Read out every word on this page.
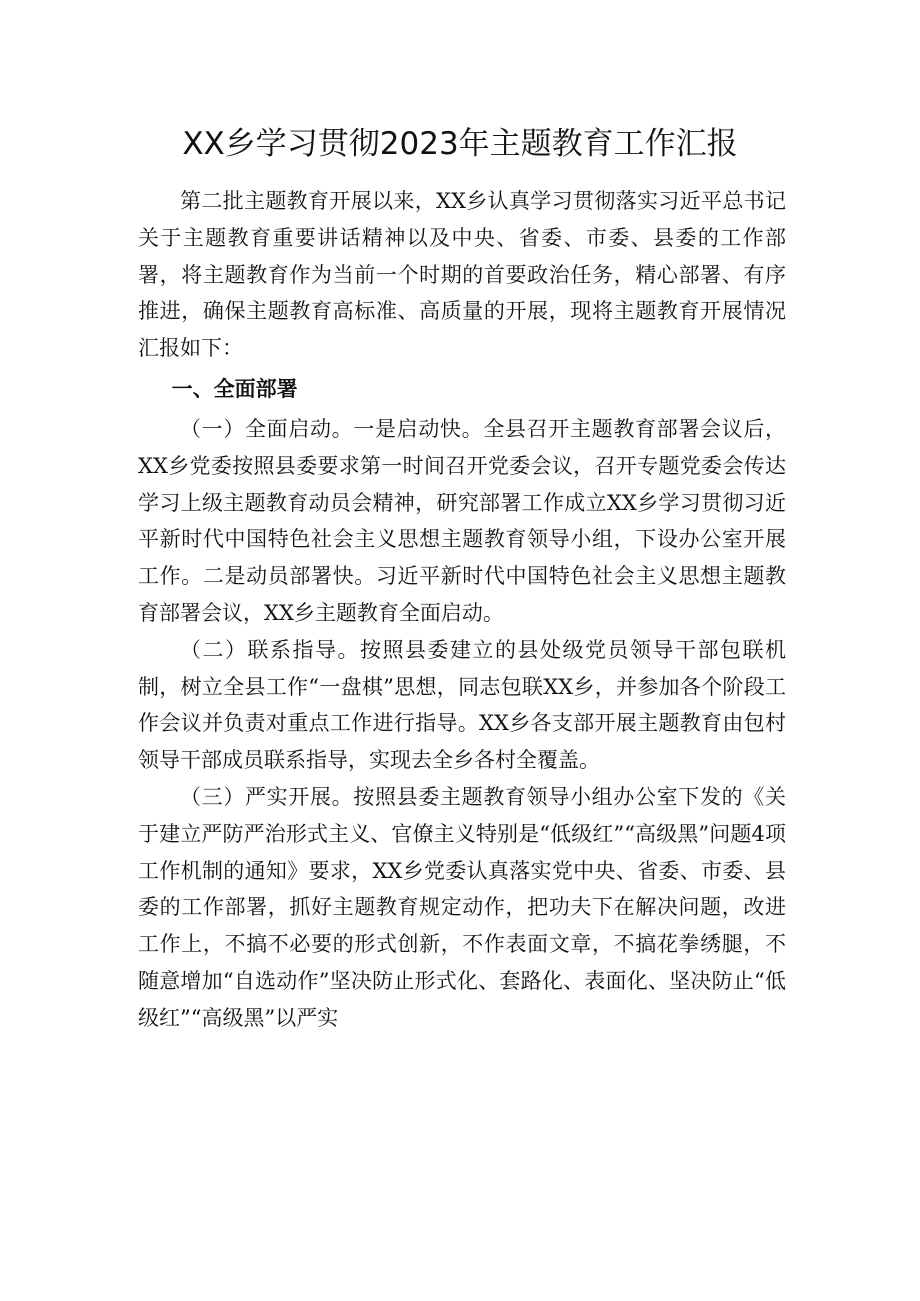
XX乡学习贯彻2023年主题教育工作汇报

第二批主题教育开展以来，XX乡认真学习贯彻落实习近平总书记关于主题教育重要讲话精神以及中央、省委、市委、县委的工作部署，将主题教育作为当前一个时期的首要政治任务，精心部署、有序推进，确保主题教育高标准、高质量的开展，现将主题教育开展情况汇报如下：

一、全面部署

（一）全面启动。一是启动快。全县召开主题教育部署会议后，XX乡党委按照县委要求第一时间召开党委会议，召开专题党委会传达学习上级主题教育动员会精神，研究部署工作成立XX乡学习贯彻习近平新时代中国特色社会主义思想主题教育领导小组，下设办公室开展工作。二是动员部署快。习近平新时代中国特色社会主义思想主题教育部署会议，XX乡主题教育全面启动。

（二）联系指导。按照县委建立的县处级党员领导干部包联机制，树立全县工作“一盘棋”思想，同志包联XX乡，并参加各个阶段工作会议并负责对重点工作进行指导。XX乡各支部开展主题教育由包村领导干部成员联系指导，实现去全乡各村全覆盖。

（三）严实开展。按照县委主题教育领导小组办公室下发的《关于建立严防严治形式主义、官僚主义特别是“低级红”“高级黑”问题4项工作机制的通知》要求，XX乡党委认真落实党中央、省委、市委、县委的工作部署，抓好主题教育规定动作，把功夫下在解决问题，改进工作上，不搞不必要的形式创新，不作表面文章，不搞花拳绣腿，不随意增加“自选动作”坚决防止形式化、套路化、表面化、坚决防止“低级红”“高级黑”以严实
